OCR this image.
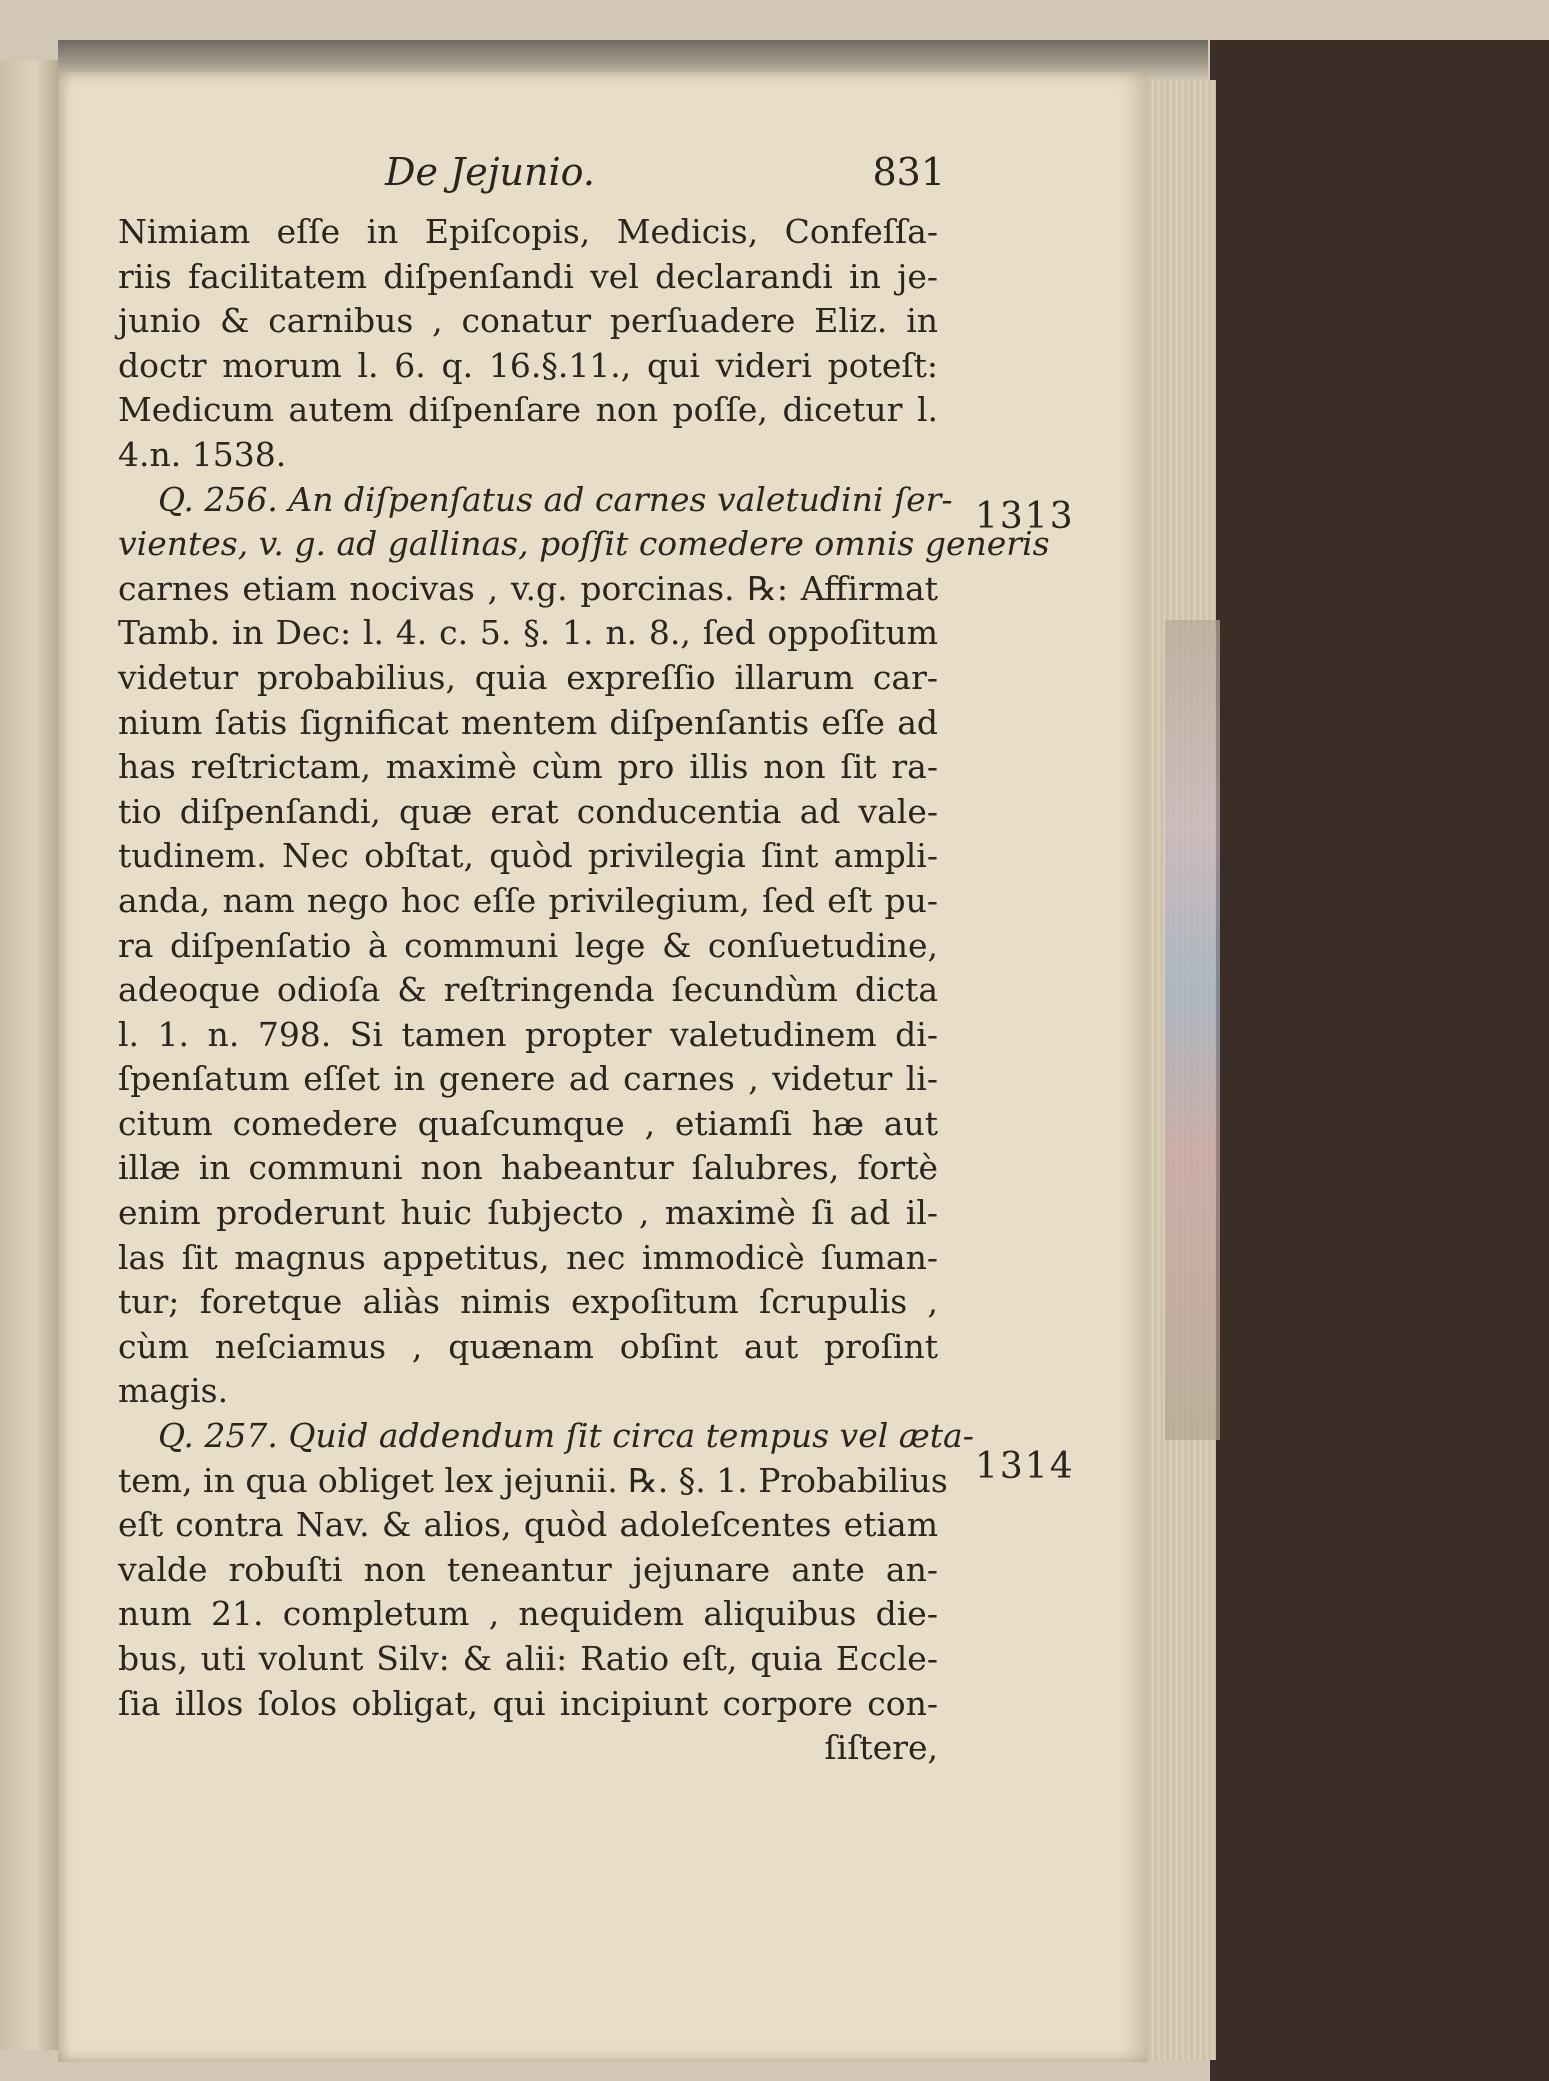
De Jejunio.	831
Nimiam eſſe in Epiſcopis, Medicis, Confeſſa-
riis facilitatem diſpenſandi vel declarandi in je-
junio & carnibus , conatur perſuadere Eliz. in
doctr morum l. 6. q. 16.§.11., qui videri poteſt:
Medicum autem diſpenſare non poſſe, dicetur l.
4.n. 1538.
Q. 256. An diſpenſatus ad carnes valetudini ſer-
vientes, v. g. ad gallinas, poſſit comedere omnis generis
carnes etiam nocivas , v.g. porcinas. ℞: Affirmat
Tamb. in Dec: l. 4. c. 5. §. 1. n. 8., ſed oppoſitum
videtur probabilius, quia expreſſio illarum car-
nium ſatis ſignificat mentem diſpenſantis eſſe ad
has reſtrictam, maximè cùm pro illis non ſit ra-
tio diſpenſandi, quæ erat conducentia ad vale-
tudinem. Nec obſtat, quòd privilegia ſint ampli-
anda, nam nego hoc eſſe privilegium, ſed eſt pu-
ra diſpenſatio à communi lege & conſuetudine,
adeoque odioſa & reſtringenda ſecundùm dicta
l. 1. n. 798. Si tamen propter valetudinem di-
ſpenſatum eſſet in genere ad carnes , videtur li-
citum comedere quaſcumque , etiamſi hæ aut
illæ in communi non habeantur ſalubres, fortè
enim proderunt huic ſubjecto , maximè ſi ad il-
las ſit magnus appetitus, nec immodicè ſuman-
tur; foretque aliàs nimis expoſitum ſcrupulis ,
cùm neſciamus , quænam obſint aut proſint
magis.
Q. 257. Quid addendum ſit circa tempus vel æta-
tem, in qua obliget lex jejunii. ℞. §. 1. Probabilius
eſt contra Nav. & alios, quòd adoleſcentes etiam
valde robuſti non teneantur jejunare ante an-
num 21. completum , nequidem aliquibus die-
bus, uti volunt Silv: & alii: Ratio eſt, quia Eccle-
ſia illos ſolos obligat, qui incipiunt corpore con-
ſiſtere,
1313
1314
